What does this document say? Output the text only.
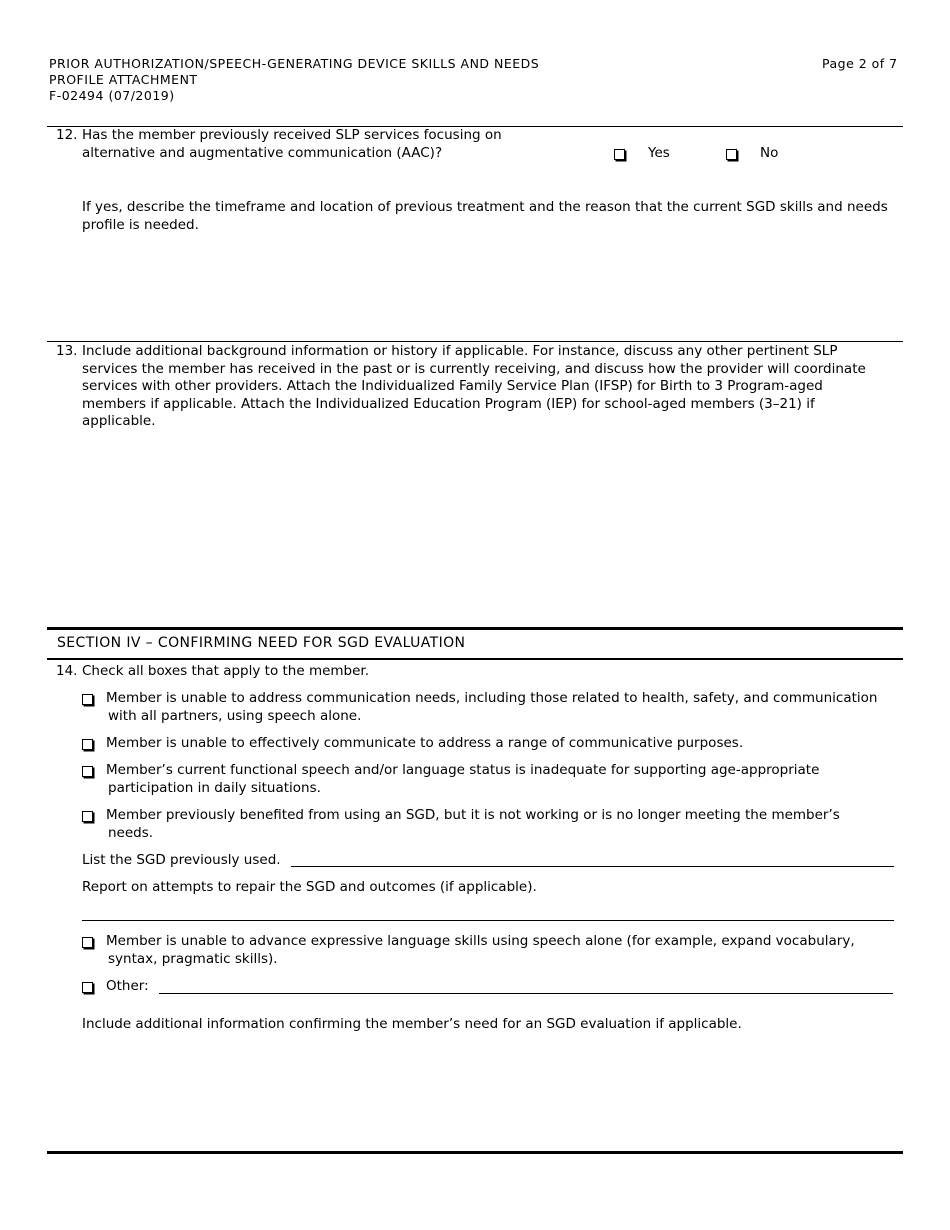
PRIOR AUTHORIZATION/SPEECH-GENERATING DEVICE SKILLS AND NEEDS
PROFILE ATTACHMENT
F-02494 (07/2019)
Page 2 of 7
12. Has the member previously received SLP services focusing on
alternative and augmentative communication (AAC)?	Yes	No
If yes, describe the timeframe and location of previous treatment and the reason that the current SGD skills and needs profile is needed.
13. Include additional background information or history if applicable. For instance, discuss any other pertinent SLP services the member has received in the past or is currently receiving, and discuss how the provider will coordinate services with other providers. Attach the Individualized Family Service Plan (IFSP) for Birth to 3 Program-aged members if applicable. Attach the Individualized Education Program (IEP) for school-aged members (3–21) if applicable.
SECTION IV – CONFIRMING NEED FOR SGD EVALUATION
14. Check all boxes that apply to the member.
Member is unable to address communication needs, including those related to health, safety, and communication
with all partners, using speech alone.
Member is unable to effectively communicate to address a range of communicative purposes.
Member’s current functional speech and/or language status is inadequate for supporting age-appropriate
participation in daily situations.
Member previously benefited from using an SGD, but it is not working or is no longer meeting the member’s
needs.
List the SGD previously used.
Report on attempts to repair the SGD and outcomes (if applicable).
Member is unable to advance expressive language skills using speech alone (for example, expand vocabulary,
syntax, pragmatic skills).
Other:
Include additional information confirming the member’s need for an SGD evaluation if applicable.
